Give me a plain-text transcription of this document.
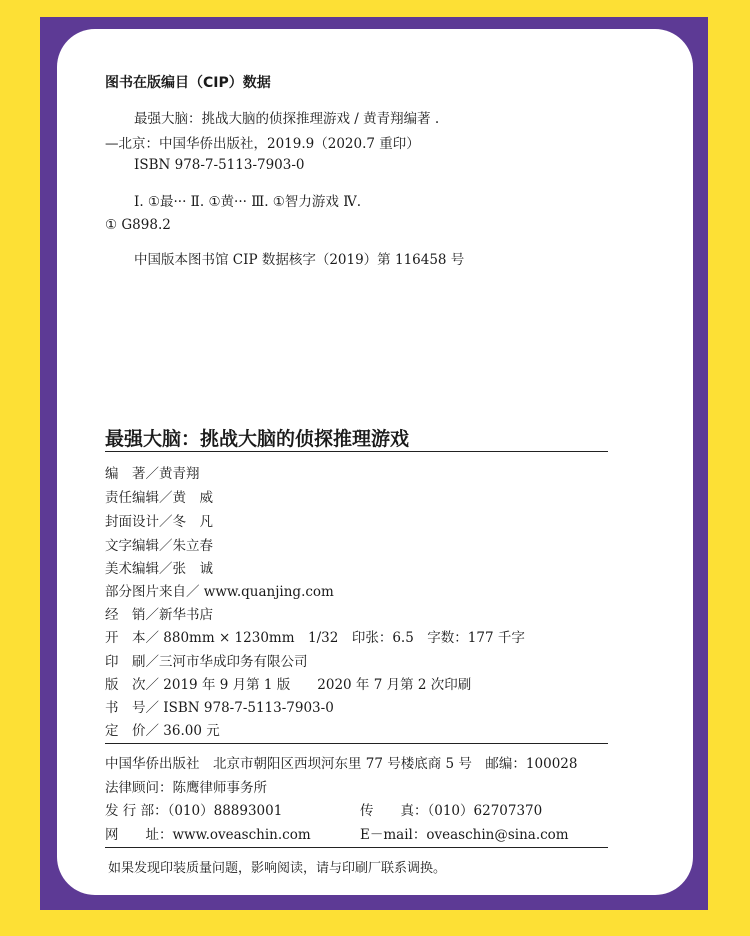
图书在版编目（CIP）数据
最强大脑：挑战大脑的侦探推理游戏 / 黄青翔编著 .
—北京：中国华侨出版社，2019.9（2020.7 重印）
ISBN 978-7-5113-7903-0
Ⅰ. ①最··· Ⅱ. ①黄··· Ⅲ. ①智力游戏 Ⅳ.
① G898.2
中国版本图书馆 CIP 数据核字（2019）第 116458 号
最强大脑：挑战大脑的侦探推理游戏
编　著／黄青翔
责任编辑／黄　威
封面设计／冬　凡
文字编辑／朱立春
美术编辑／张　诚
部分图片来自／ www.quanjing.com
经　销／新华书店
开　本／ 880mm × 1230mm　1/32　印张：6.5　字数：177 千字
印　刷／三河市华成印务有限公司
版　次／ 2019 年 9 月第 1 版　　2020 年 7 月第 2 次印刷
书　号／ ISBN 978-7-5113-7903-0
定　价／ 36.00 元
中国华侨出版社　北京市朝阳区西坝河东里 77 号楼底商 5 号　邮编：100028
法律顾问：陈鹰律师事务所
发 行 部：（010）88893001	传　　真：（010）62707370
网　　址：www.oveaschin.com	E－mail：oveaschin@sina.com
如果发现印装质量问题，影响阅读，请与印刷厂联系调换。
